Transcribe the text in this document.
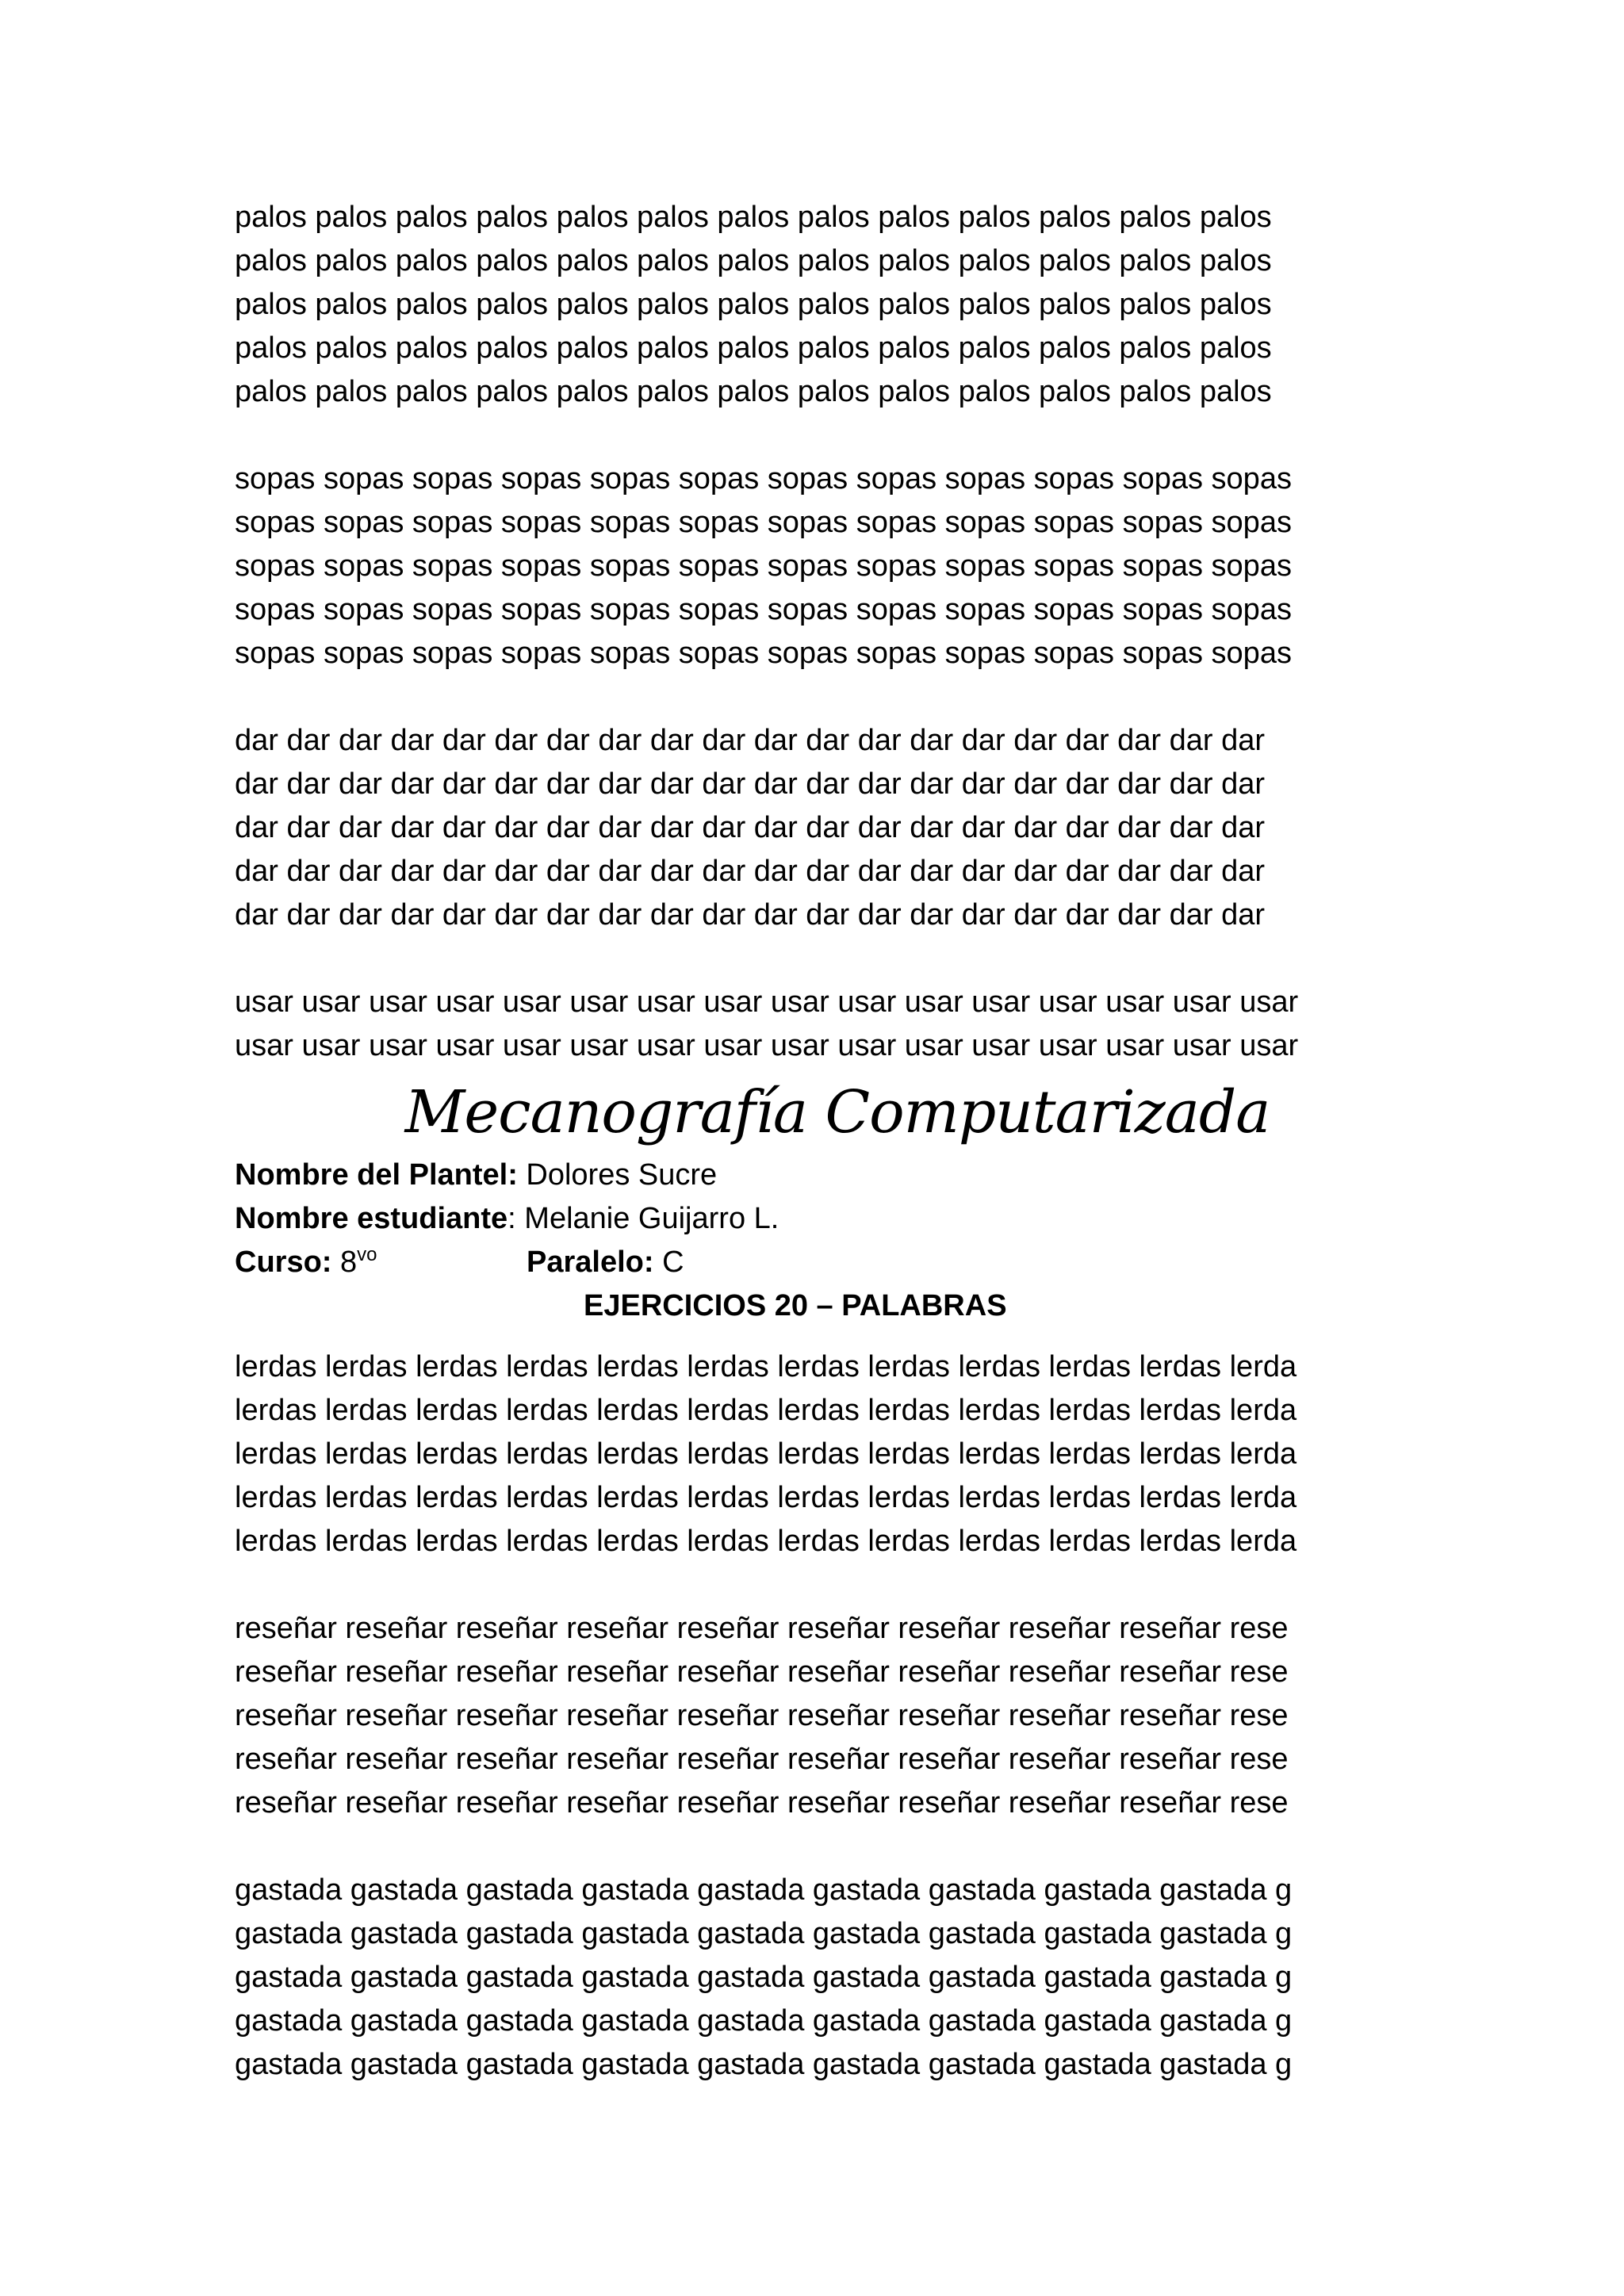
palos palos palos palos palos palos palos palos palos palos palos palos palos
palos palos palos palos palos palos palos palos palos palos palos palos palos
palos palos palos palos palos palos palos palos palos palos palos palos palos
palos palos palos palos palos palos palos palos palos palos palos palos palos
palos palos palos palos palos palos palos palos palos palos palos palos palos
sopas sopas sopas sopas sopas sopas sopas sopas sopas sopas sopas sopas
sopas sopas sopas sopas sopas sopas sopas sopas sopas sopas sopas sopas
sopas sopas sopas sopas sopas sopas sopas sopas sopas sopas sopas sopas
sopas sopas sopas sopas sopas sopas sopas sopas sopas sopas sopas sopas
sopas sopas sopas sopas sopas sopas sopas sopas sopas sopas sopas sopas
dar dar dar dar dar dar dar dar dar dar dar dar dar dar dar dar dar dar dar dar
dar dar dar dar dar dar dar dar dar dar dar dar dar dar dar dar dar dar dar dar
dar dar dar dar dar dar dar dar dar dar dar dar dar dar dar dar dar dar dar dar
dar dar dar dar dar dar dar dar dar dar dar dar dar dar dar dar dar dar dar dar
dar dar dar dar dar dar dar dar dar dar dar dar dar dar dar dar dar dar dar dar
usar usar usar usar usar usar usar usar usar usar usar usar usar usar usar usar
usar usar usar usar usar usar usar usar usar usar usar usar usar usar usar usar
Mecanografía Computarizada
Nombre del Plantel: Dolores Sucre
Nombre estudiante: Melanie Guijarro L.
Curso: $8^{vo}$	Paralelo: C
EJERCICIOS 20 – PALABRAS
lerdas lerdas lerdas lerdas lerdas lerdas lerdas lerdas lerdas lerdas lerdas lerda
lerdas lerdas lerdas lerdas lerdas lerdas lerdas lerdas lerdas lerdas lerdas lerda
lerdas lerdas lerdas lerdas lerdas lerdas lerdas lerdas lerdas lerdas lerdas lerda
lerdas lerdas lerdas lerdas lerdas lerdas lerdas lerdas lerdas lerdas lerdas lerda
lerdas lerdas lerdas lerdas lerdas lerdas lerdas lerdas lerdas lerdas lerdas lerda
reseñar reseñar reseñar reseñar reseñar reseñar reseñar reseñar reseñar rese
reseñar reseñar reseñar reseñar reseñar reseñar reseñar reseñar reseñar rese
reseñar reseñar reseñar reseñar reseñar reseñar reseñar reseñar reseñar rese
reseñar reseñar reseñar reseñar reseñar reseñar reseñar reseñar reseñar rese
reseñar reseñar reseñar reseñar reseñar reseñar reseñar reseñar reseñar rese
gastada gastada gastada gastada gastada gastada gastada gastada gastada g
gastada gastada gastada gastada gastada gastada gastada gastada gastada g
gastada gastada gastada gastada gastada gastada gastada gastada gastada g
gastada gastada gastada gastada gastada gastada gastada gastada gastada g
gastada gastada gastada gastada gastada gastada gastada gastada gastada g
